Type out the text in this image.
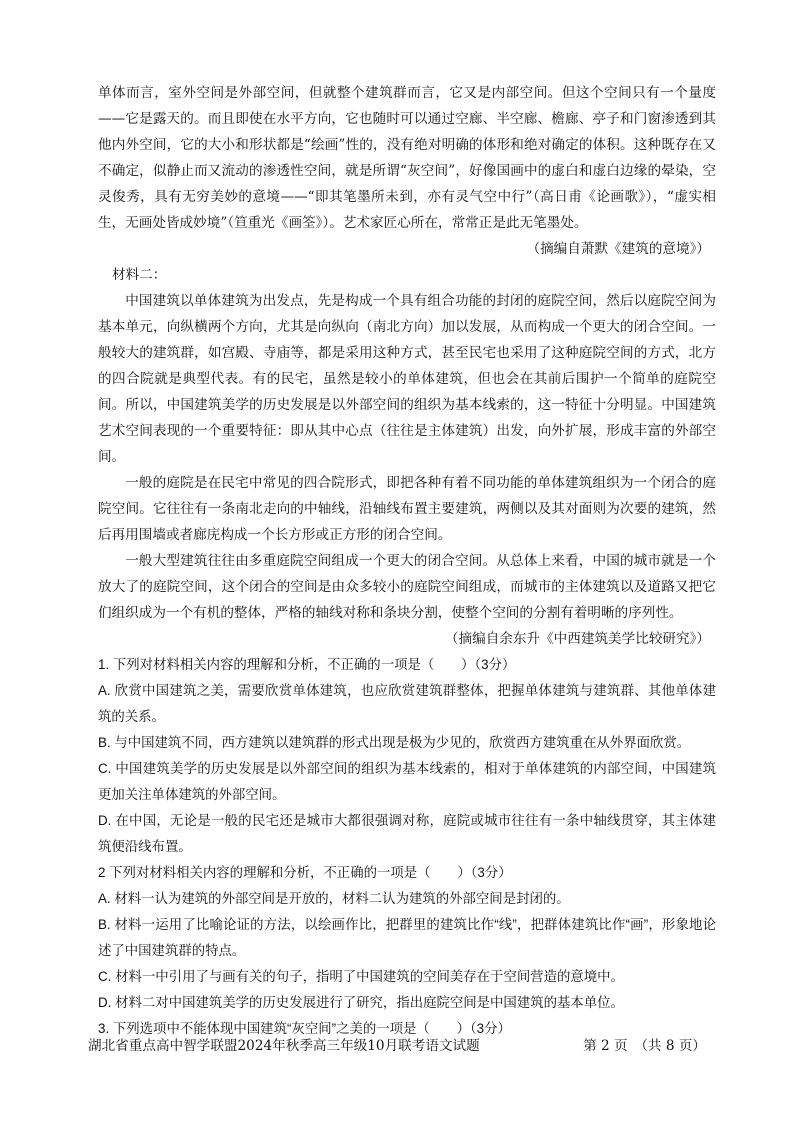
单体而言，室外空间是外部空间，但就整个建筑群而言，它又是内部空间。但这个空间只有一个量度——它是露天的。而且即使在水平方向，它也随时可以通过空廊、半空廊、檐廊、亭子和门窗渗透到其他内外空间，它的大小和形状都是“绘画”性的，没有绝对明确的体形和绝对确定的体积。这种既存在又不确定，似静止而又流动的渗透性空间，就是所谓“灰空间”，好像国画中的虚白和虚白边缘的晕染，空灵俊秀，具有无穷美妙的意境——“即其笔墨所未到，亦有灵气空中行”（高日甫《论画歌》），“虚实相生，无画处皆成妙境”（笪重光《画筌》）。艺术家匠心所在，常常正是此无笔墨处。

（摘编自萧默《建筑的意境》）

材料二：

中国建筑以单体建筑为出发点，先是构成一个具有组合功能的封闭的庭院空间，然后以庭院空间为基本单元，向纵横两个方向，尤其是向纵向（南北方向）加以发展，从而构成一个更大的闭合空间。一般较大的建筑群，如宫殿、寺庙等，都是采用这种方式，甚至民宅也采用了这种庭院空间的方式，北方的四合院就是典型代表。有的民宅，虽然是较小的单体建筑，但也会在其前后围护一个简单的庭院空间。所以，中国建筑美学的历史发展是以外部空间的组织为基本线索的，这一特征十分明显。中国建筑艺术空间表现的一个重要特征：即从其中心点（往往是主体建筑）出发，向外扩展，形成丰富的外部空间。

一般的庭院是在民宅中常见的四合院形式，即把各种有着不同功能的单体建筑组织为一个闭合的庭院空间。它往往有一条南北走向的中轴线，沿轴线布置主要建筑，两侧以及其对面则为次要的建筑，然后再用围墙或者廊庑构成一个长方形或正方形的闭合空间。

一般大型建筑往往由多重庭院空间组成一个更大的闭合空间。从总体上来看，中国的城市就是一个放大了的庭院空间，这个闭合的空间是由众多较小的庭院空间组成，而城市的主体建筑以及道路又把它们组织成为一个有机的整体，严格的轴线对称和条块分割，使整个空间的分割有着明晰的序列性。

（摘编自余东升《中西建筑美学比较研究》）

1. 下列对材料相关内容的理解和分析，不正确的一项是（　　）（3分）

A. 欣赏中国建筑之美，需要欣赏单体建筑，也应欣赏建筑群整体，把握单体建筑与建筑群、其他单体建筑的关系。

B. 与中国建筑不同，西方建筑以建筑群的形式出现是极为少见的，欣赏西方建筑重在从外界面欣赏。

C. 中国建筑美学的历史发展是以外部空间的组织为基本线索的，相对于单体建筑的内部空间，中国建筑更加关注单体建筑的外部空间。

D. 在中国，无论是一般的民宅还是城市大都很强调对称，庭院或城市往往有一条中轴线贯穿，其主体建筑便沿线布置。

2 下列对材料相关内容的理解和分析，不正确的一项是（　　）（3分）

A. 材料一认为建筑的外部空间是开放的，材料二认为建筑的外部空间是封闭的。

B. 材料一运用了比喻论证的方法，以绘画作比，把群里的建筑比作“线”，把群体建筑比作“画”，形象地论述了中国建筑群的特点。

C. 材料一中引用了与画有关的句子，指明了中国建筑的空间美存在于空间营造的意境中。

D. 材料二对中国建筑美学的历史发展进行了研究，指出庭院空间是中国建筑的基本单位。

3. 下列选项中不能体现中国建筑“灰空间”之美的一项是（　　）（3分）

湖北省重点高中智学联盟2024年秋季高三年级10月联考语文试题	第 2 页　（共 8 页）
